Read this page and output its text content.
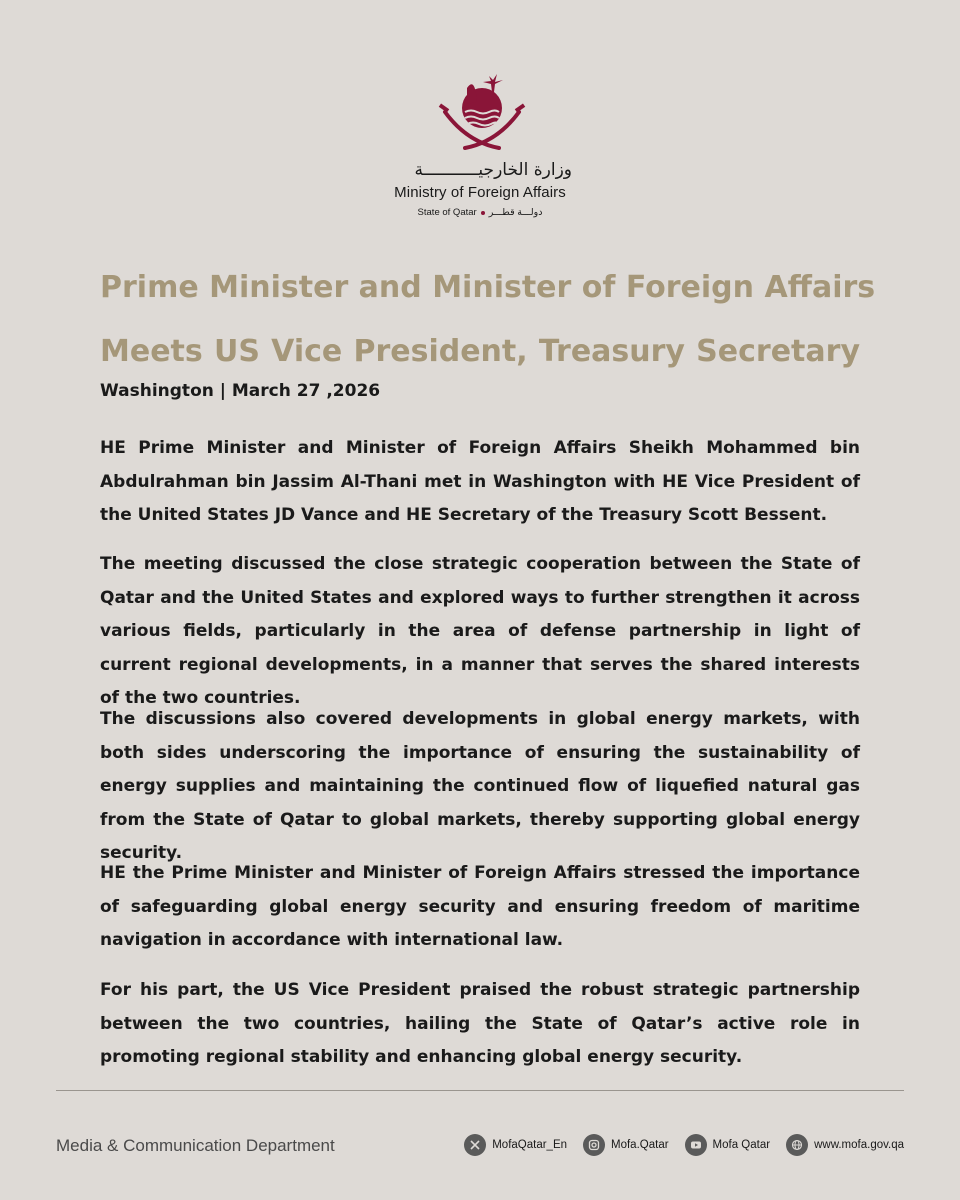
وزارة الخارجيـــــــــــة
Ministry of Foreign Affairs
State of Qatar دولـــة قطـــر
Prime Minister and Minister of Foreign Affairs
Meets US Vice President, Treasury Secretary
Washington | March 27 ,2026

HE Prime Minister and Minister of Foreign Affairs Sheikh Mohammed bin Abdulrahman bin Jassim Al-Thani met in Washington with HE Vice President of the United States JD Vance and HE Secretary of the Treasury Scott Bessent.

The meeting discussed the close strategic cooperation between the State of Qatar and the United States and explored ways to further strengthen it across various fields, particularly in the area of defense partnership in light of current regional developments, in a manner that serves the shared interests of the two countries.

The discussions also covered developments in global energy markets, with both sides underscoring the importance of ensuring the sustainability of energy supplies and maintaining the continued flow of liquefied natural gas from the State of Qatar to global markets, thereby supporting global energy security.

HE the Prime Minister and Minister of Foreign Affairs stressed the importance of safeguarding global energy security and ensuring freedom of maritime navigation in accordance with international law.

For his part, the US Vice President praised the robust strategic partnership between the two countries, hailing the State of Qatar’s active role in promoting regional stability and enhancing global energy security.

Media & Communication Department	MofaQatar_En	Mofa.Qatar	Mofa Qatar	www.mofa.gov.qa
